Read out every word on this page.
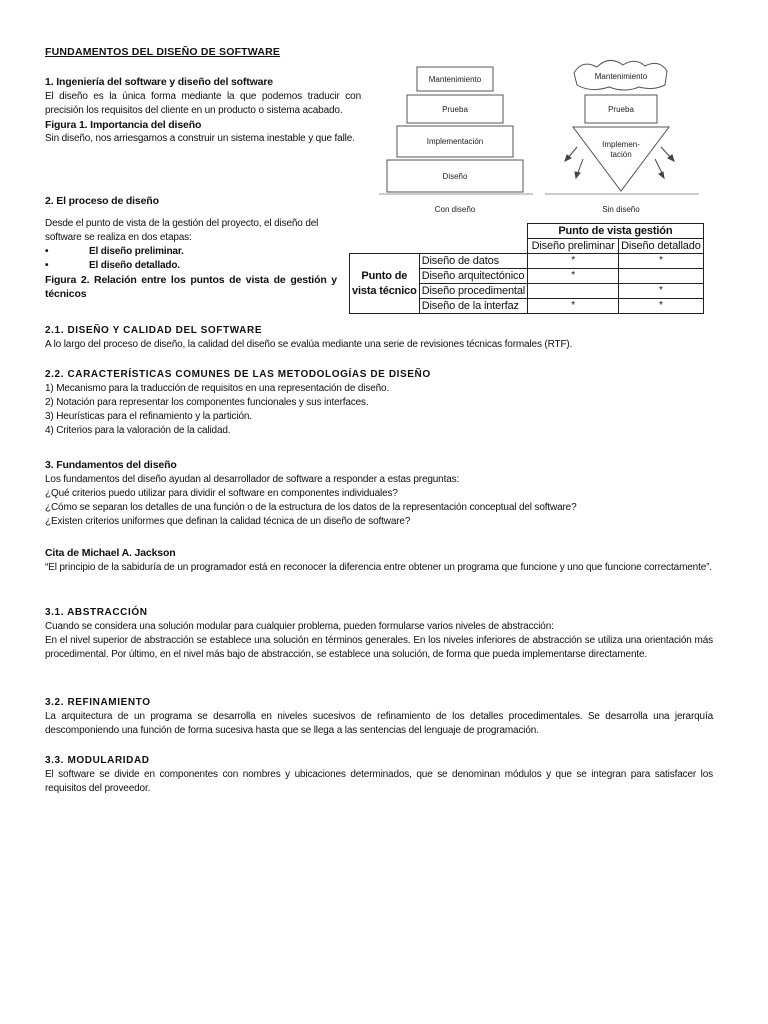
FUNDAMENTOS DEL DISEÑO DE SOFTWARE
1. Ingeniería del software y diseño del software

El diseño es la única forma mediante la que podemos traducir con precisión los requisitos del cliente en un producto o sistema acabado.

Figura 1. Importancia del diseño

Sin diseño, nos arriesgamos a construir un sistema inestable y que falle.

Mantenimiento
Prueba
Implementación
Diseño
Con diseño
Mantenimiento
Prueba
Implemen-
tación
Sin diseño
2. El proceso de diseño

Desde el punto de vista de la gestión del proyecto, el diseño del software se realiza en dos etapas:

•	El diseño preliminar.
•	El diseño detallado.
Figura 2. Relación entre los puntos de vista de gestión y técnicos
		Punto de vista gestión	
		Diseño preliminar	Diseño detallado
Punto de
vista técnico	Diseño de datos	*	*
	Diseño arquitectónico	*	
	Diseño procedimental		*
	Diseño de la interfaz	*	*
2.1. DISEÑO Y CALIDAD DEL SOFTWARE

A lo largo del proceso de diseño, la calidad del diseño se evalúa mediante una serie de revisiones técnicas formales (RTF).

2.2. CARACTERÍSTICAS COMUNES DE LAS METODOLOGÍAS DE DISEÑO

1) Mecanismo para la traducción de requisitos en una representación de diseño.

2) Notación para representar los componentes funcionales y sus interfaces.

3) Heurísticas para el refinamiento y la partición.

4) Criterios para la valoración de la calidad.

3. Fundamentos del diseño

Los fundamentos del diseño ayudan al desarrollador de software a responder a estas preguntas:

¿Qué criterios puedo utilizar para dividir el software en componentes individuales?

¿Cómo se separan los detalles de una función o de la estructura de los datos de la representación conceptual del software?

¿Existen criterios uniformes que definan la calidad técnica de un diseño de software?

Cita de Michael A. Jackson

“El principio de la sabiduría de un programador está en reconocer la diferencia entre obtener un programa que funcione y uno que funcione correctamente”.

3.1. ABSTRACCIÓN

Cuando se considera una solución modular para cualquier problema, pueden formularse varios niveles de abstracción:

En el nivel superior de abstracción se establece una solución en términos generales. En los niveles inferiores de abstracción se utiliza una orientación más procedimental. Por último, en el nivel más bajo de abstracción, se establece una solución, de forma que pueda implementarse directamente.

3.2. REFINAMIENTO

La arquitectura de un programa se desarrolla en niveles sucesivos de refinamiento de los detalles procedimentales. Se desarrolla una jerarquía descomponiendo una función de forma sucesiva hasta que se llega a las sentencias del lenguaje de programación.

3.3. MODULARIDAD

El software se divide en componentes con nombres y ubicaciones determinados, que se denominan módulos y que se integran para satisfacer los requisitos del proveedor.
